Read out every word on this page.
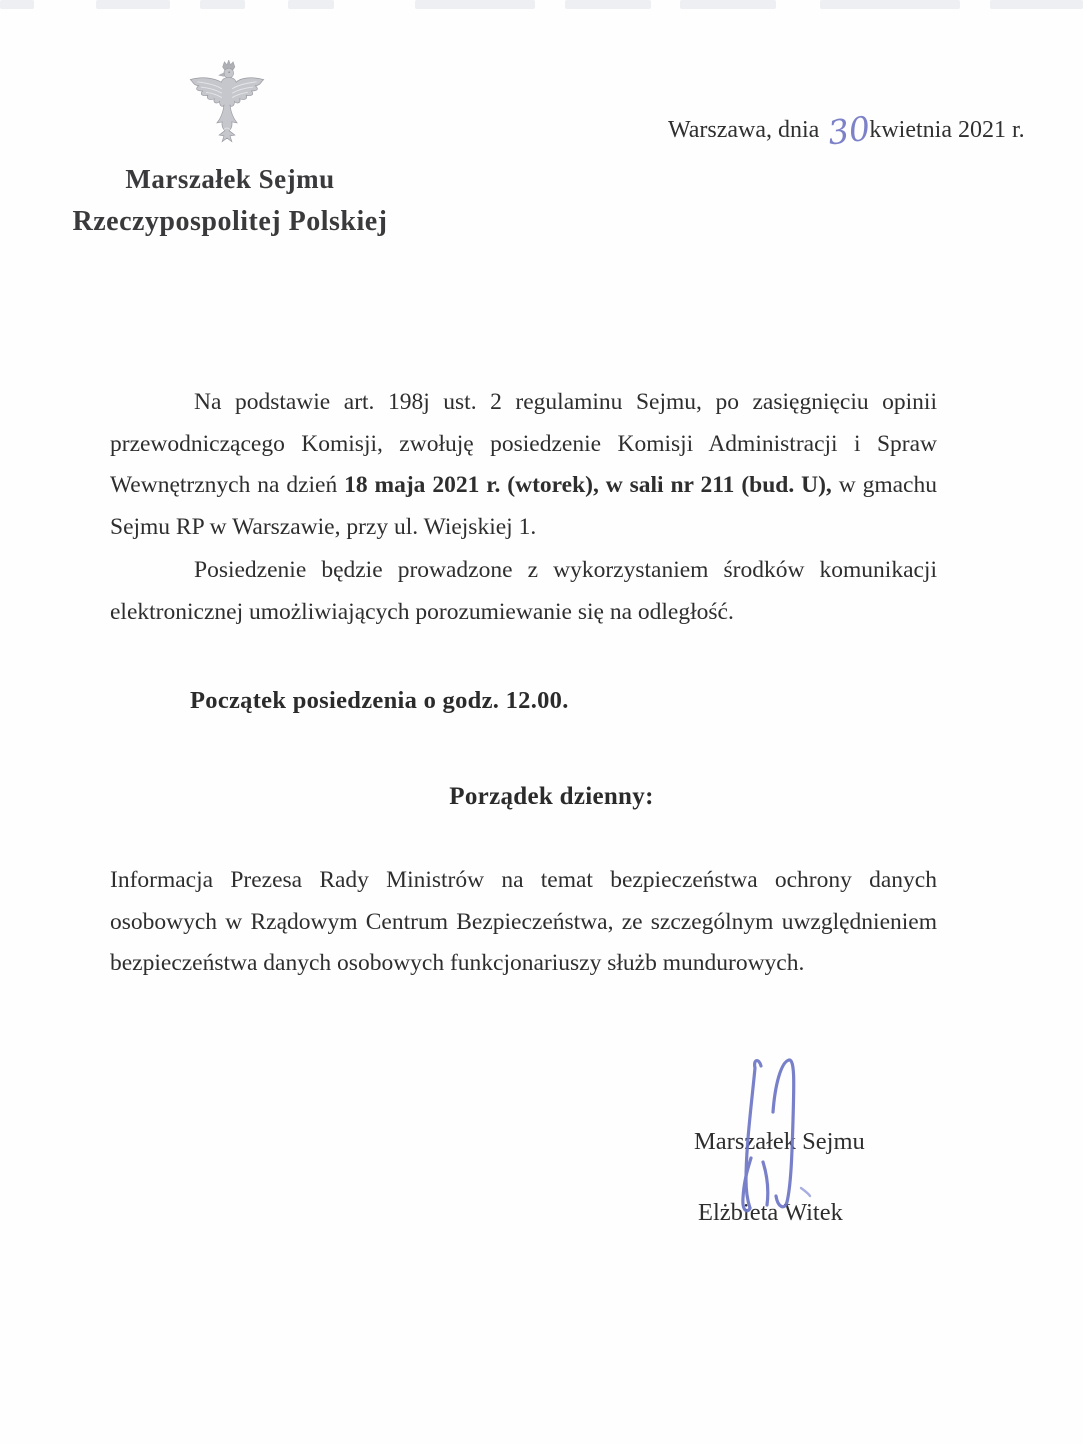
Marszałek Sejmu
Rzeczypospolitej Polskiej
Warszawa, dnia 30kwietnia 2021 r.
Na podstawie art. 198j ust. 2 regulaminu Sejmu, po zasięgnięciu opinii przewodniczącego Komisji, zwołuję posiedzenie Komisji Administracji i Spraw Wewnętrznych na dzień 18 maja 2021 r. (wtorek), w sali nr 211 (bud. U), w gmachu Sejmu RP w Warszawie, przy ul. Wiejskiej 1.
Posiedzenie będzie prowadzone z wykorzystaniem środków komunikacji elektronicznej umożliwiających porozumiewanie się na odległość.
Początek posiedzenia o godz. 12.00.
Porządek dzienny:
Informacja Prezesa Rady Ministrów na temat bezpieczeństwa ochrony danych osobowych w Rządowym Centrum Bezpieczeństwa, ze szczególnym uwzględnieniem bezpieczeństwa danych osobowych funkcjonariuszy służb mundurowych.
Marszałek Sejmu
Elżbieta Witek
